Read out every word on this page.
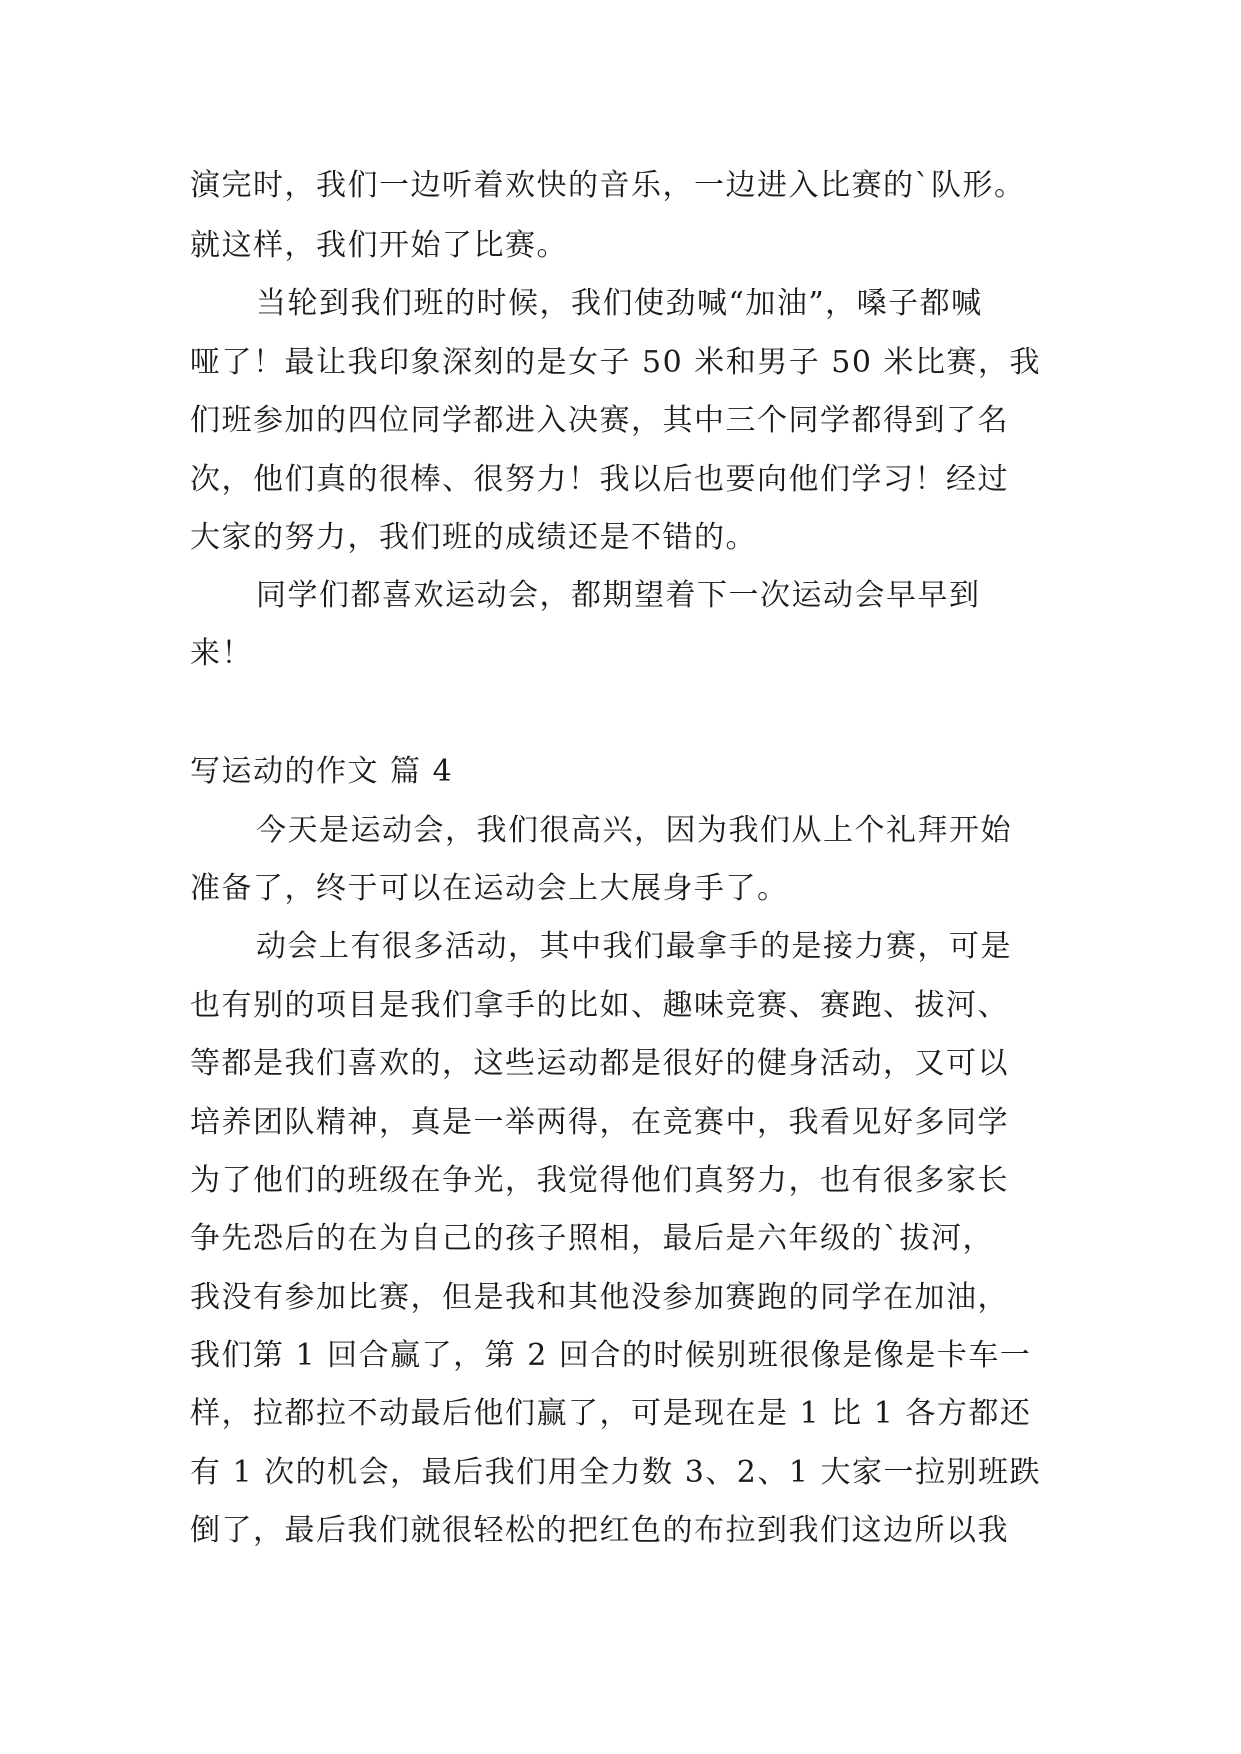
演完时，我们一边听着欢快的音乐，一边进入比赛的`队形。
就这样，我们开始了比赛。
当轮到我们班的时候，我们使劲喊“加油”，嗓子都喊
哑了！最让我印象深刻的是女子 50 米和男子 50 米比赛，我
们班参加的四位同学都进入决赛，其中三个同学都得到了名
次，他们真的很棒、很努力！我以后也要向他们学习！经过
大家的努力，我们班的成绩还是不错的。
同学们都喜欢运动会，都期望着下一次运动会早早到
来！
写运动的作文 篇 4
今天是运动会，我们很高兴，因为我们从上个礼拜开始
准备了，终于可以在运动会上大展身手了。
动会上有很多活动，其中我们最拿手的是接力赛，可是
也有别的项目是我们拿手的比如、趣味竞赛、赛跑、拔河、
等都是我们喜欢的，这些运动都是很好的健身活动，又可以
培养团队精神，真是一举两得，在竞赛中，我看见好多同学
为了他们的班级在争光，我觉得他们真努力，也有很多家长
争先恐后的在为自己的孩子照相，最后是六年级的`拔河，
我没有参加比赛，但是我和其他没参加赛跑的同学在加油，
我们第 1 回合赢了，第 2 回合的时候别班很像是像是卡车一
样，拉都拉不动最后他们赢了，可是现在是 1 比 1 各方都还
有 1 次的机会，最后我们用全力数 3、2、1 大家一拉别班跌
倒了，最后我们就很轻松的把红色的布拉到我们这边所以我
